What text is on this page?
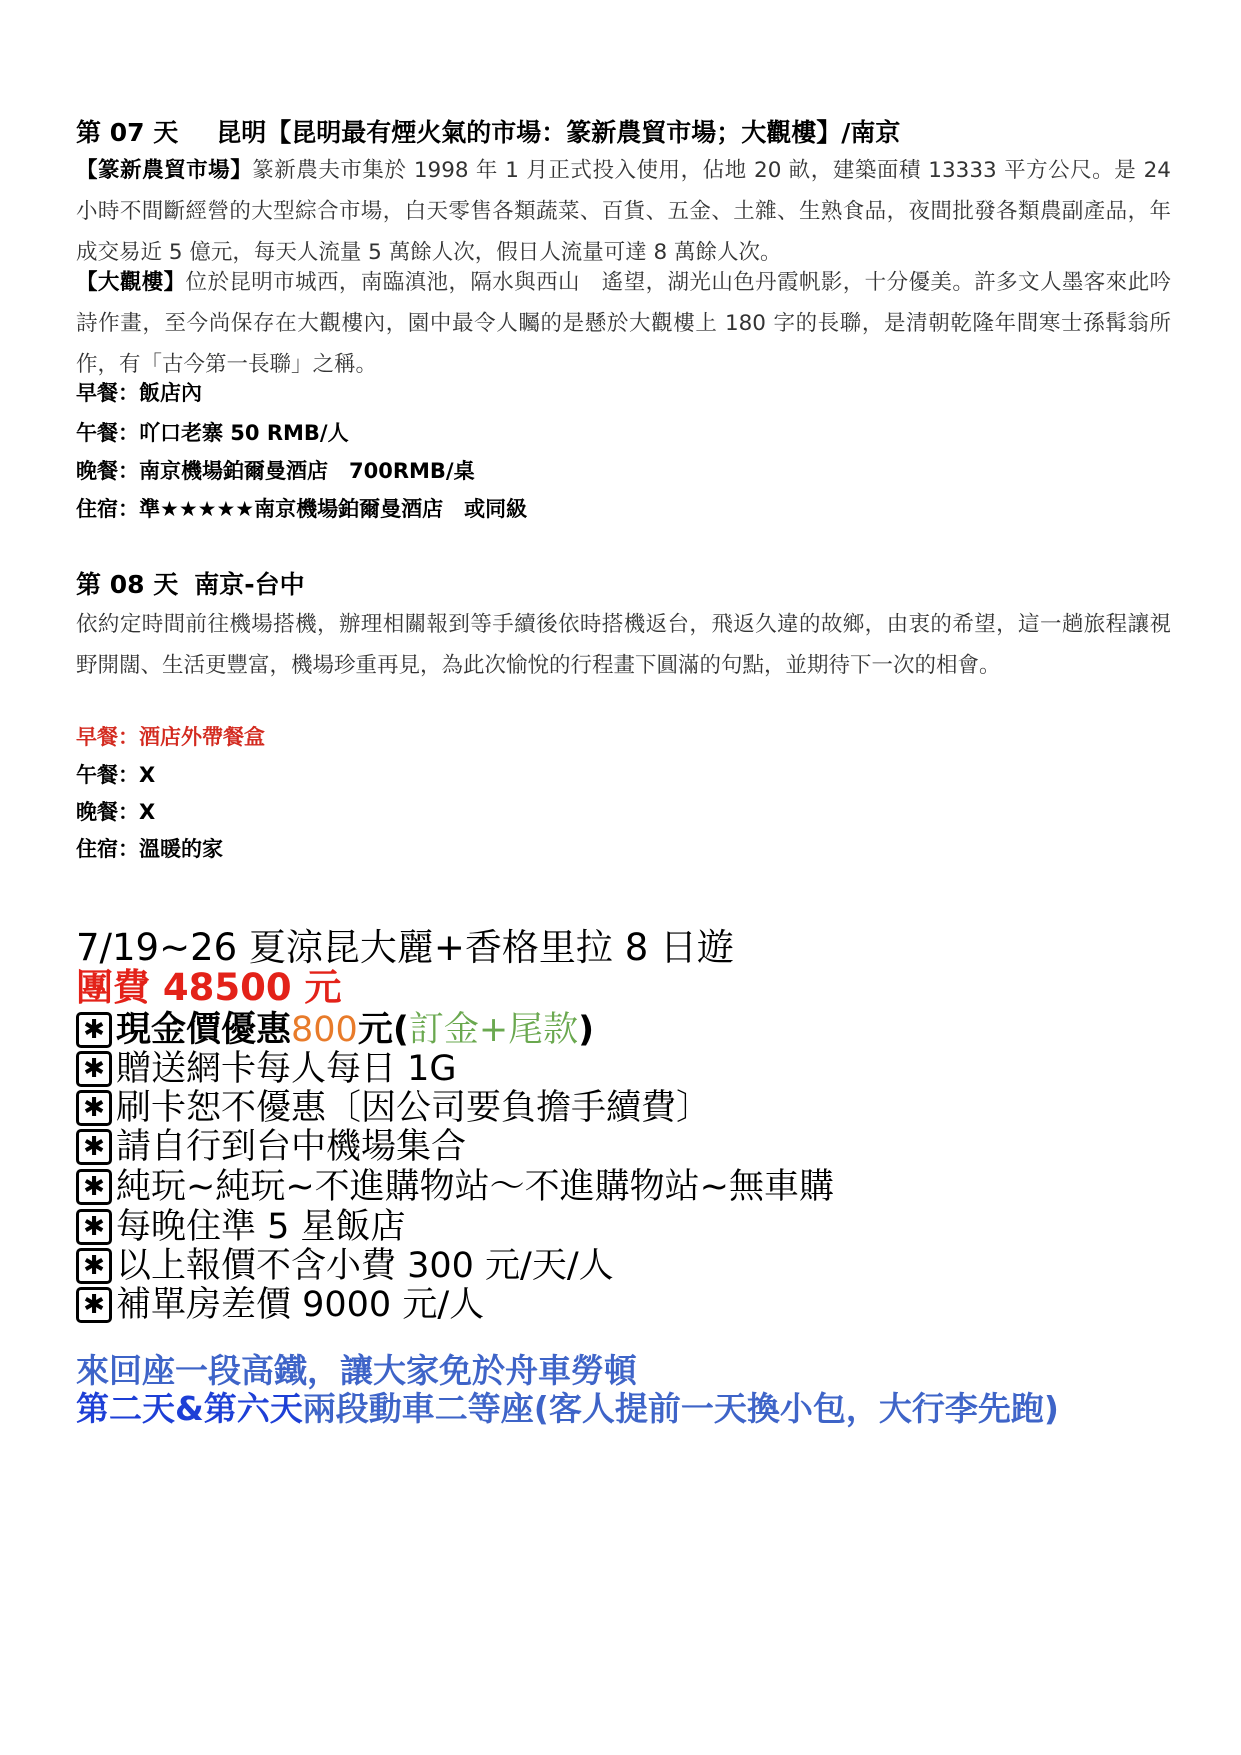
第 07 天 昆明【昆明最有煙火氣的市場：篆新農貿市場；大觀樓】/南京
【篆新農貿市場】篆新農夫市集於 1998 年 1 月正式投入使用，佔地 20 畝，建築面積 13333 平方公尺。是 24 小時不間斷經營的大型綜合市場，白天零售各類蔬菜、百貨、五金、土雜、生熟食品，夜間批發各類農副產品，年成交易近 5 億元，每天人流量 5 萬餘人次，假日人流量可達 8 萬餘人次。
【大觀樓】位於昆明市城西，南臨滇池，隔水與西山　遙望，湖光山色丹霞帆影，十分優美。許多文人墨客來此吟詩作畫，至今尚保存在大觀樓內，園中最令人矚的是懸於大觀樓上 180 字的長聯，是清朝乾隆年間寒士孫髯翁所作，有「古今第一長聯」之稱。
早餐：飯店內
午餐：吖口老寨 50 RMB/人
晚餐：南京機場鉑爾曼酒店　700RMB/桌
住宿：準★★★★★南京機場鉑爾曼酒店　或同級
第 08 天 南京-台中
依約定時間前往機場搭機，辦理相關報到等手續後依時搭機返台，飛返久違的故鄉，由衷的希望，這一趟旅程讓視野開闊、生活更豐富，機場珍重再見，為此次愉悅的行程畫下圓滿的句點，並期待下一次的相會。
早餐：酒店外帶餐盒
午餐：X
晚餐：X
住宿：溫暖的家
7/19~26 夏涼昆大麗+香格里拉 8 日遊
團費 48500 元
✱ 現金價優惠 800 元( 訂金+尾款 )
✱ 贈送網卡每人每日 1G
✱ 刷卡恕不優惠〔因公司要負擔手續費〕
✱ 請自行到台中機場集合
✱ 純玩~純玩~不進購物站～不進購物站~無車購
✱ 每晚住準 5 星飯店
✱ 以上報價不含小費 300 元/天/人
✱ 補單房差價 9000 元/人
來回座一段高鐵，讓大家免於舟車勞頓
第二天&第六天兩段動車二等座(客人提前一天換小包，大行李先跑)
